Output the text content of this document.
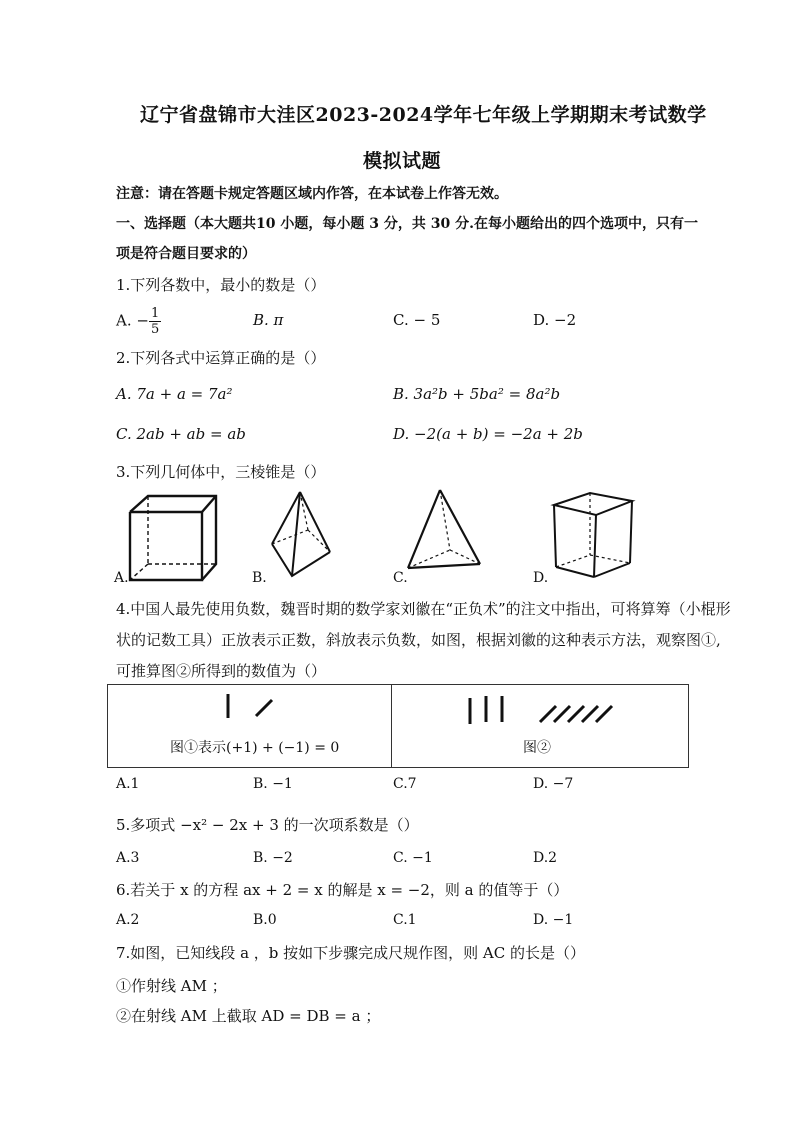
辽宁省盘锦市大洼区2023-2024学年七年级上学期期末考试数学
模拟试题
注意：请在答题卡规定答题区域内作答，在本试卷上作答无效。
一、选择题（本大题共10 小题，每小题 3 分，共 30 分.在每小题给出的四个选项中，只有一
项是符合题目要求的）
1.下列各数中，最小的数是（）
A. − $\frac{1}{5}$	B. π	C. − 5	D. −2
2.下列各式中运算正确的是（）
A. 7a + a = 7a²	B. 3a²b + 5ba² = 8a²b
C. 2ab + ab = ab	D. −2(a + b) = −2a + 2b
3.下列几何体中，三棱锥是（）
A.	B.	C.	D.
4.中国人最先使用负数，魏晋时期的数学家刘徽在“正负术”的注文中指出，可将算筹（小棍形
状的记数工具）正放表示正数，斜放表示负数，如图，根据刘徽的这种表示方法，观察图①,
可推算图②所得到的数值为（）
图①表示(+1) + (−1) = 0	图②
A.1	B. −1	C.7	D. −7
5.多项式 −x² − 2x + 3 的一次项系数是（）
A.3	B. −2	C. −1	D.2
6.若关于 x 的方程 ax + 2 = x 的解是 x = −2，则 a 的值等于（）
A.2	B.0	C.1	D. −1
7.如图，已知线段 a ，b 按如下步骤完成尺规作图，则 AC 的长是（）
①作射线 AM ；
②在射线 AM 上截取 AD = DB = a ；
